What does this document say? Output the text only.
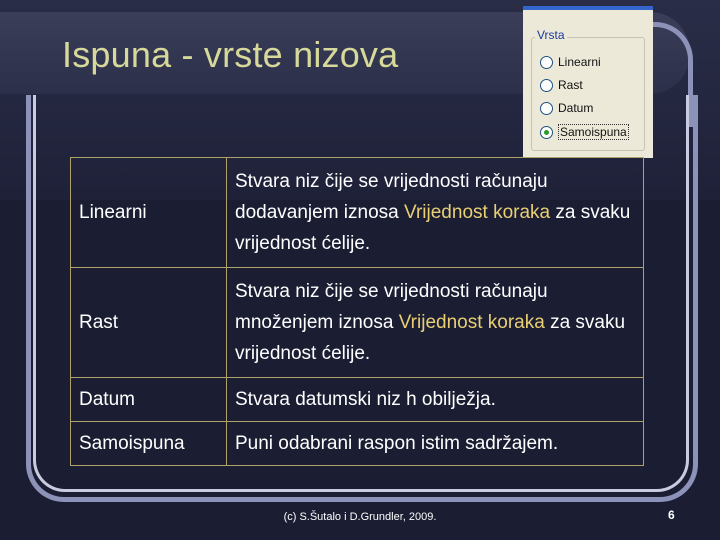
Ispuna - vrste nizova	Vrsta
Linearni
Rast
Datum
Samoispuna
Linearni	Stvara niz čije se vrijednosti računaju dodavanjem iznosa Vrijednost koraka za svaku vrijednost ćelije.
Rast	Stvara niz čije se vrijednosti računaju množenjem iznosa Vrijednost koraka za svaku vrijednost ćelije.
Datum	Stvara datumski niz h obilježja.
Samoispuna	Puni odabrani raspon istim sadržajem.
(c) S.Šutalo i D.Grundler, 2009.	6
